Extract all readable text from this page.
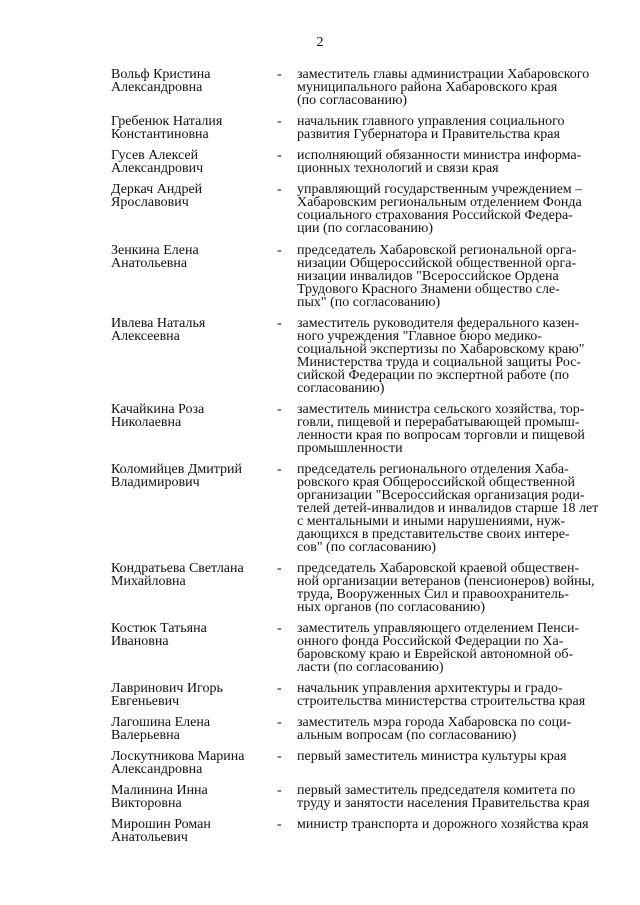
2
Вольф Кристина
Александровна
-	заместитель главы администрации Хабаровского
муниципального района Хабаровского края
(по согласованию)
Гребенюк Наталия
Константиновна
-	начальник главного управления социального
развития Губернатора и Правительства края
Гусев Алексей
Александрович
-	исполняющий обязанности министра информа-
ционных технологий и связи края
Деркач Андрей
Ярославович
-	управляющий государственным учреждением –
Хабаровским региональным отделением Фонда
социального страхования Российской Федера-
ции (по согласованию)
Зенкина Елена
Анатольевна
-	председатель Хабаровской региональной орга-
низации Общероссийской общественной орга-
низации инвалидов "Всероссийское Ордена
Трудового Красного Знамени общество сле-
пых" (по согласованию)
Ивлева Наталья
Алексеевна
-	заместитель руководителя федерального казен-
ного учреждения "Главное бюро медико-
социальной экспертизы по Хабаровскому краю"
Министерства труда и социальной защиты Рос-
сийской Федерации по экспертной работе (по
согласованию)
Качайкина Роза
Николаевна
-	заместитель министра сельского хозяйства, тор-
говли, пищевой и перерабатывающей промыш-
ленности края по вопросам торговли и пищевой
промышленности
Коломийцев Дмитрий
Владимирович
-	председатель регионального отделения Хаба-
ровского края Общероссийской общественной
организации "Всероссийская организация роди-
телей детей-инвалидов и инвалидов старше 18 лет
с ментальными и иными нарушениями, нуж-
дающихся в представительстве своих интере-
сов" (по согласованию)
Кондратьева Светлана
Михайловна
-	председатель Хабаровской краевой обществен-
ной организации ветеранов (пенсионеров) войны,
труда, Вооруженных Сил и правоохранитель-
ных органов (по согласованию)
Костюк Татьяна
Ивановна
-	заместитель управляющего отделением Пенси-
онного фонда Российской Федерации по Ха-
баровскому краю и Еврейской автономной об-
ласти (по согласованию)
Лавринович Игорь
Евгеньевич
-	начальник управления архитектуры и градо-
строительства министерства строительства края
Лагошина Елена
Валерьевна
-	заместитель мэра города Хабаровска по соци-
альным вопросам (по согласованию)
Лоскутникова Марина
Александровна
-	первый заместитель министра культуры края
Малинина Инна
Викторовна
-	первый заместитель председателя комитета по
труду и занятости населения Правительства края
Мирошин Роман
Анатольевич
-	министр транспорта и дорожного хозяйства края
